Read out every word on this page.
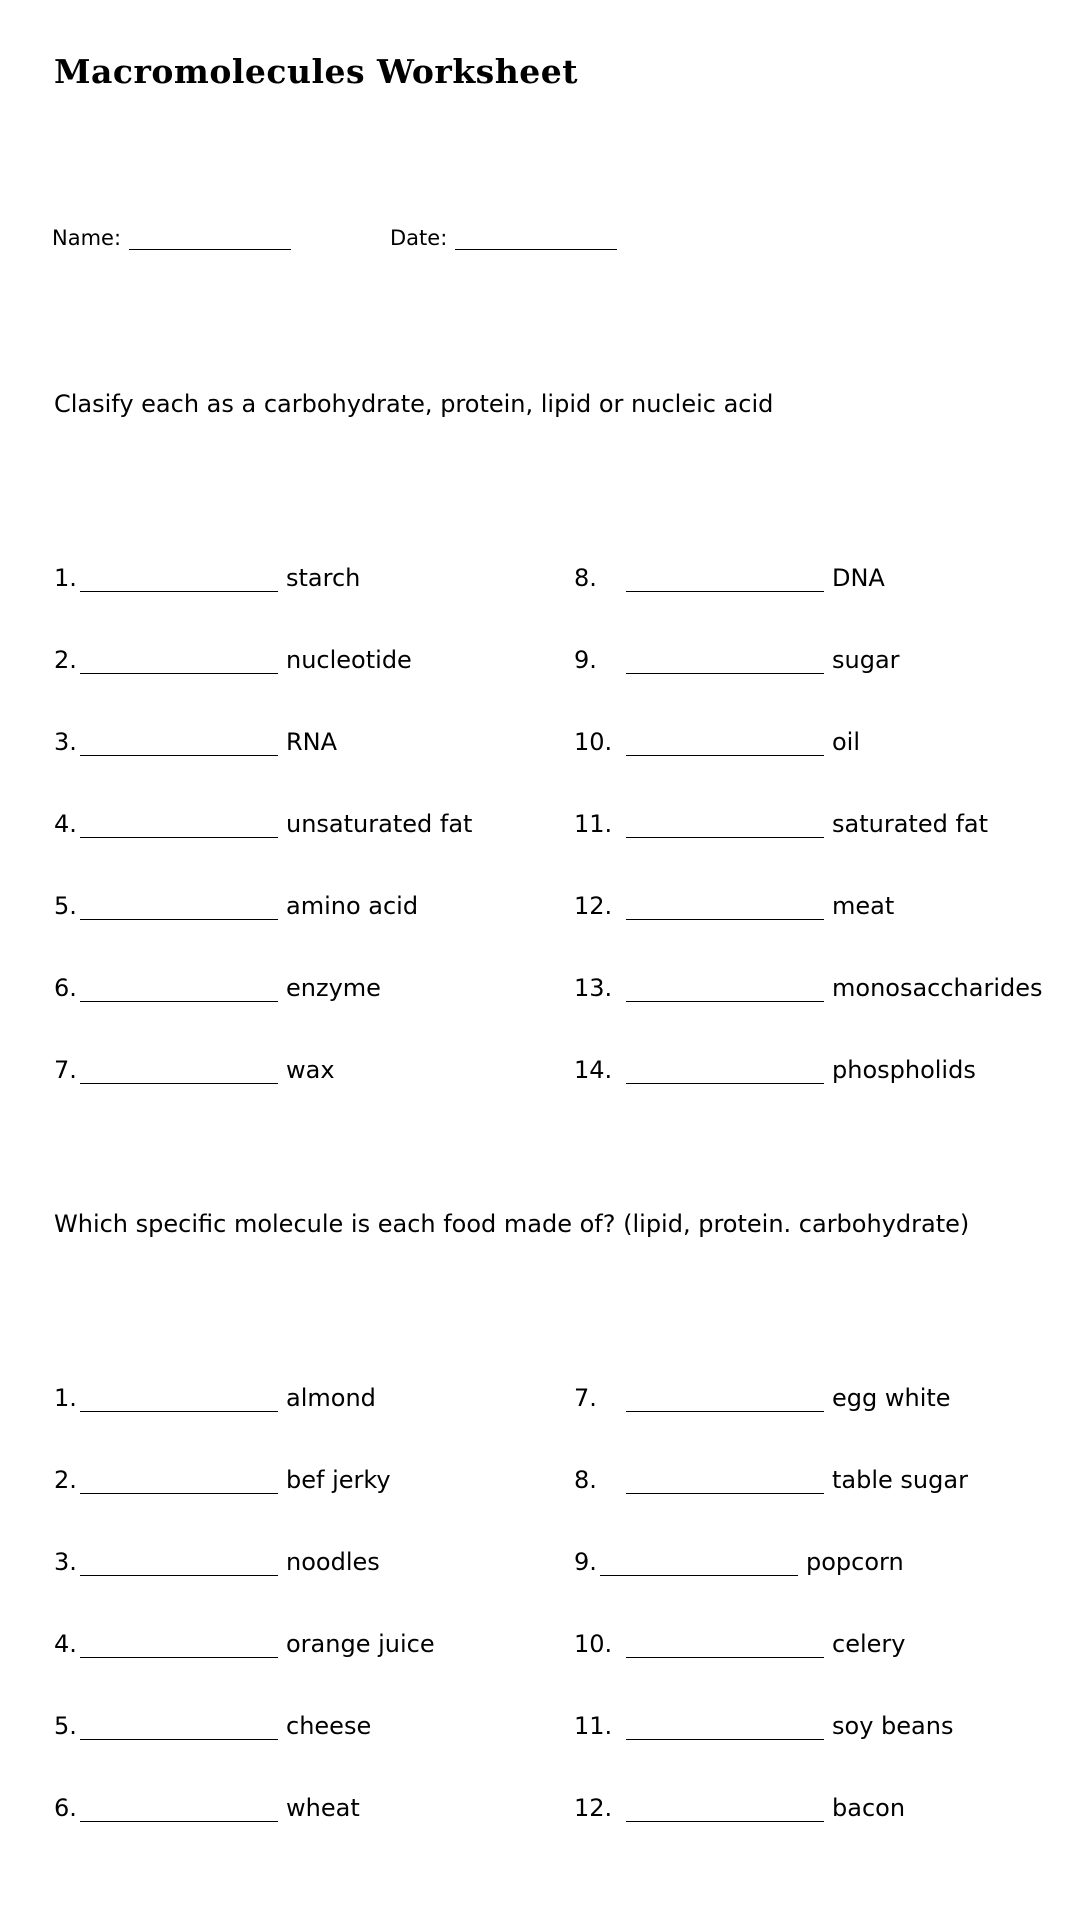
Macromolecules Worksheet
Name:	Date:
Clasify each as a carbohydrate, protein, lipid or nucleic acid
1.	starch
2.	nucleotide
3.	RNA
4.	unsaturated fat
5.	amino acid
6.	enzyme
7.	wax
8.	DNA
9.	sugar
10.	oil
11.	saturated fat
12.	meat
13.	monosaccharides
14.	phospholids
Which specific molecule is each food made of? (lipid, protein. carbohydrate)
1.	almond
2.	bef jerky
3.	noodles
4.	orange juice
5.	cheese
6.	wheat
7.	egg white
8.	table sugar
9.	popcorn
10.	celery
11.	soy beans
12.	bacon
